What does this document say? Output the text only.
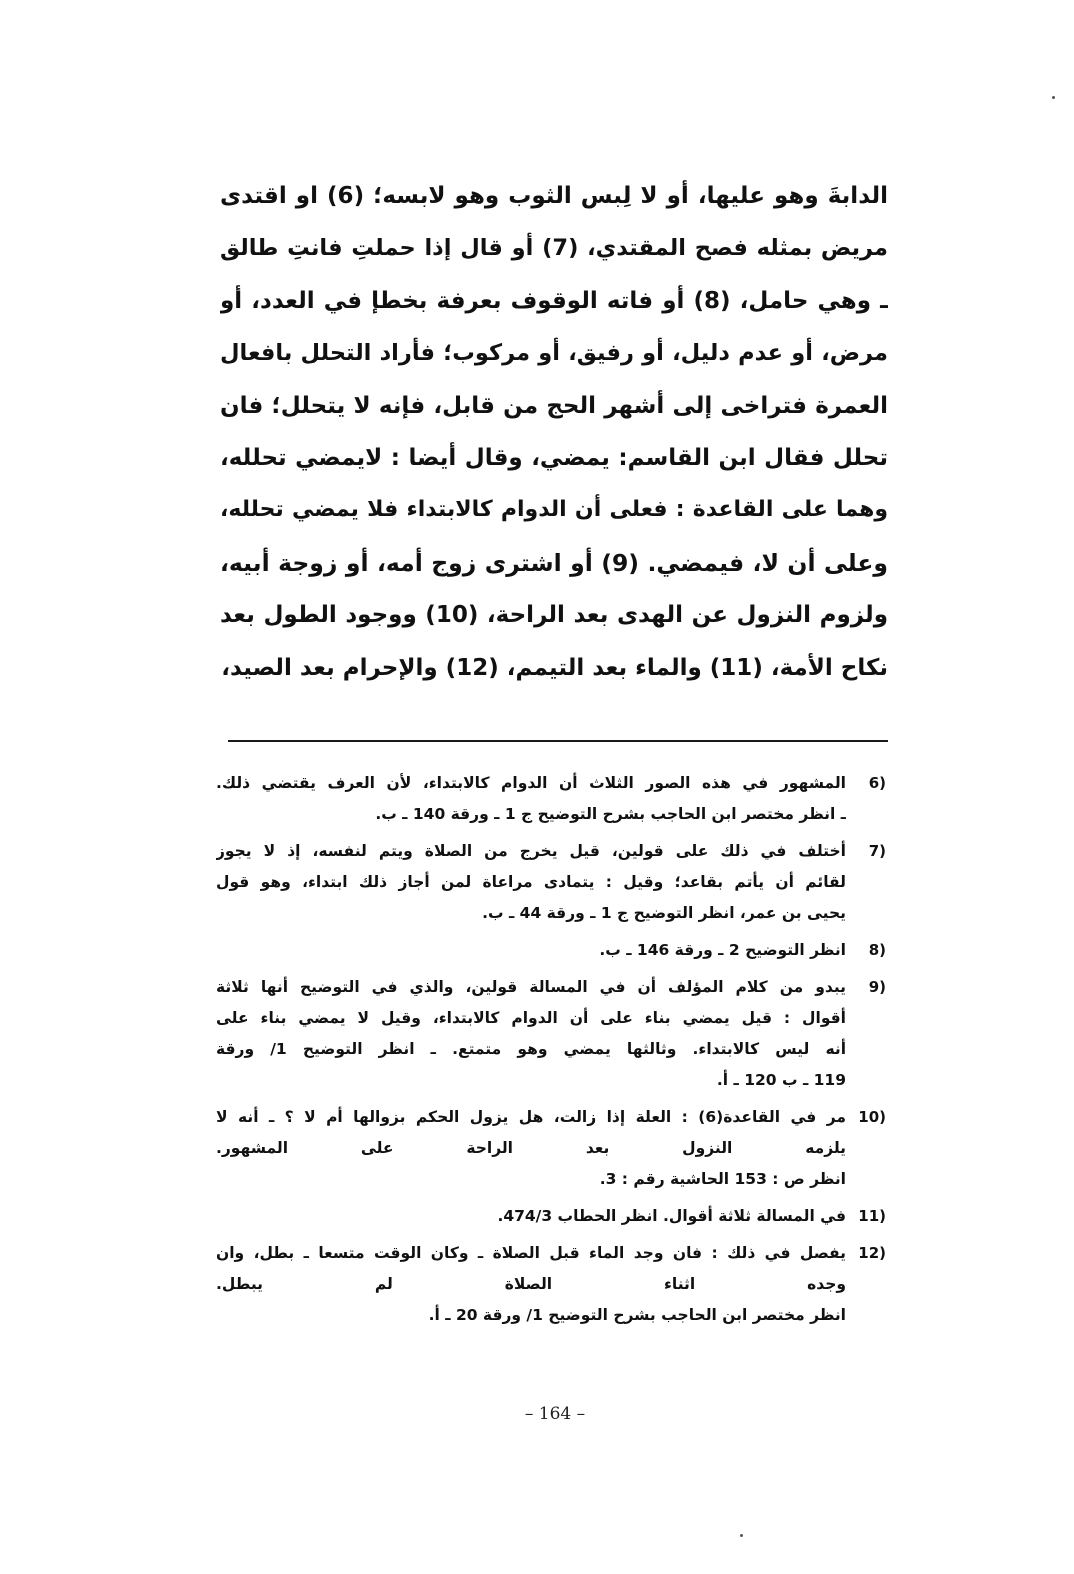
الدابةَ وهو عليها، أو لا لِبس الثوب وهو لابسه؛ (6) او اقتدى
مريض بمثله فصح المقتدي، (7) أو قال إذا حملتِ فانتِ طالق
ـ وهي حامل، (8) أو فاته الوقوف بعرفة بخطإ في العدد، أو
مرض، أو عدم دليل، أو رفيق، أو مركوب؛ فأراد التحلل بافعال
العمرة فتراخى إلى أشهر الحج من قابل، فإنه لا يتحلل؛ فان
تحلل فقال ابن القاسم: يمضي، وقال أيضا : لايمضي تحلله،
وهما على القاعدة : فعلى أن الدوام كالابتداء فلا يمضي تحلله،
وعلى أن لا، فيمضي. (9) أو اشترى زوج أمه، أو زوجة أبيه،
ولزوم النزول عن الهدى بعد الراحة، (10) ووجود الطول بعد
نكاح الأمة، (11) والماء بعد التيمم، (12) والإحرام بعد الصيد،
6)
المشهور في هذه الصور الثلاث أن الدوام كالابتداء، لأن العرف يقتضي ذلك.
ـ انظر مختصر ابن الحاجب بشرح التوضيح ج 1 ـ ورقة 140 ـ ب.
7)
أختلف في ذلك على قولين، قيل يخرج من الصلاة ويتم لنفسه، إذ لا يجوز
لقائم أن يأتم بقاعد؛ وقيل : يتمادى مراعاة لمن أجاز ذلك ابتداء، وهو قول
يحيى بن عمر، انظر التوضيح ج 1 ـ ورقة 44 ـ ب.
8)
انظر التوضيح 2 ـ ورقة 146 ـ ب.
9)
يبدو من كلام المؤلف أن في المسالة قولين، والذي في التوضيح أنها ثلاثة
أقوال : قيل يمضي بناء على أن الدوام كالابتداء، وقيل لا يمضي بناء على
أنه ليس كالابتداء. وثالثها يمضي وهو متمتع. ـ انظر التوضيح 1/ ورقة
119 ـ ب 120 ـ أ.
10)
مر في القاعدة(6) : العلة إذا زالت، هل يزول الحكم بزوالها أم لا ؟ ـ أنه لا
يلزمه النزول بعد الراحة على المشهور.
انظر ص : 153 الحاشية رقم : 3.
11)
في المسالة ثلاثة أقوال. انظر الحطاب 474/3.
12)
يفصل في ذلك : فان وجد الماء قبل الصلاة ـ وكان الوقت متسعا ـ بطل، وان
وجده اثناء الصلاة لم يبطل.
انظر مختصر ابن الحاجب بشرح التوضيح 1/ ورقة 20 ـ أ.
– 164 –
